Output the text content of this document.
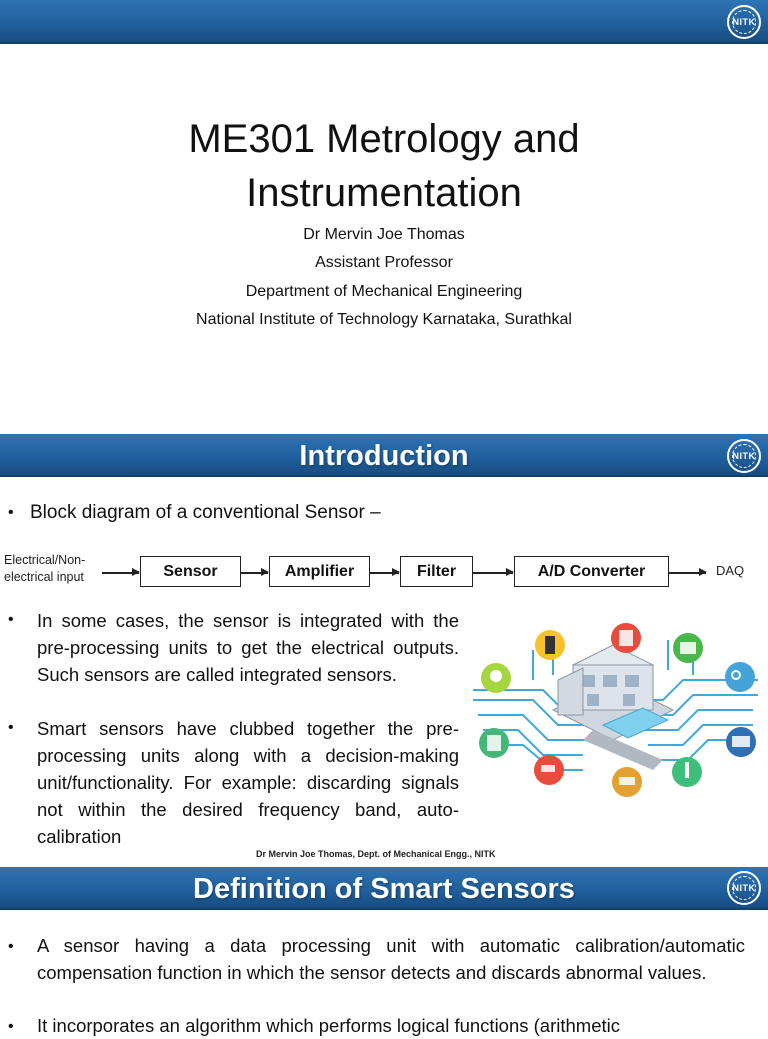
NITK
ME301 Metrology and
Instrumentation
Dr Mervin Joe Thomas
Assistant Professor
Department of Mechanical Engineering
National Institute of Technology Karnataka, Surathkal
Introduction	NITK
• Block diagram of a conventional Sensor –
Electrical/Non-
electrical input	Sensor	Amplifier	Filter	A/D Converter	DAQ
• In some cases, the sensor is integrated with the pre-processing units to get the electrical outputs. Such sensors are called integrated sensors.
• Smart sensors have clubbed together the pre-processing units along with a decision-making unit/functionality. For example: discarding signals not within the desired frequency band, auto-calibration
Dr Mervin Joe Thomas, Dept. of Mechanical Engg., NITK
Definition of Smart Sensors	NITK
• A sensor having a data processing unit with automatic calibration/automatic compensation function in which the sensor detects and discards abnormal values.
• It incorporates an algorithm which performs logical functions (arithmetic
